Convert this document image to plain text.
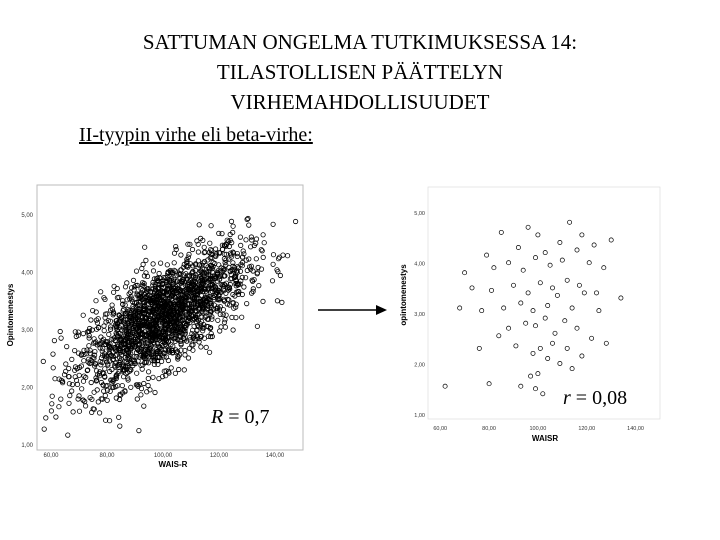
SATTUMAN ONGELMA TUTKIMUKSESSA 14:
TILASTOLLISEN PÄÄTTELYN
VIRHEMAHDOLLISUUDET
II-tyypin virhe eli beta-virhe:
1,00
2,00
3,00
4,00
5,00
60,00	80,00	100,00	120,00	140,00
WAIS-R
Opintomenestys
1,00
2,00
3,00
4,00
5,00
60,00	80,00	100,00	120,00	140,00
WAISR
opintomenestys
R = 0,7
r = 0,08
